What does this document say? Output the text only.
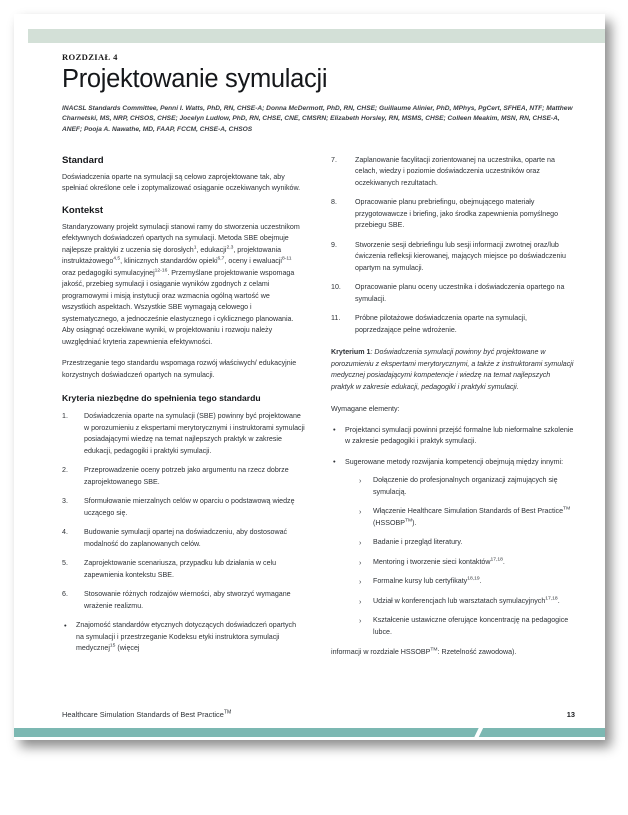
ROZDZIAŁ 4
Projektowanie symulacji
INACSL Standards Committee, Penni I. Watts, PhD, RN, CHSE-A; Donna McDermott, PhD, RN, CHSE; Guillaume Alinier, PhD, MPhys, PgCert, SFHEA, NTF; Matthew Charnetski, MS, NRP, CHSOS, CHSE; Jocelyn Ludlow, PhD, RN, CHSE, CNE, CMSRN; Elizabeth Horsley, RN, MSMS, CHSE; Colleen Meakim, MSN, RN, CHSE-A, ANEF; Pooja A. Nawathe, MD, FAAP, FCCM, CHSE-A, CHSOS
Standard

Doświadczenia oparte na symulacji są celowo zaprojektowane tak, aby spełniać określone cele i zoptymalizować osiąganie oczekiwanych wyników.

Kontekst

Standaryzowany projekt symulacji stanowi ramy do stworzenia uczestnikom efektywnych doświadczeń opartych na symulacji. Metoda SBE obejmuje najlepsze praktyki z uczenia się dorosłych$^1$, edukacji$^{2,3}$, projektowania instruktażowego$^{4,5}$, klinicznych standardów opieki$^{6,7}$, oceny i ewaluacji$^{8-11}$ oraz pedagogiki symulacyjnej$^{12-16}$. Przemyślane projektowanie wspomaga jakość, przebieg symulacji i osiąganie wyników zgodnych z celami programowymi i misją instytucji oraz wzmacnia ogólną wartość we wszystkich aspektach. Wszystkie SBE wymagają celowego i systematycznego, a jednocześnie elastycznego i cyklicznego planowania. Aby osiągnąć oczekiwane wyniki, w projektowaniu i rozwoju należy uwzględniać kryteria zapewnienia efektywności.

Przestrzeganie tego standardu wspomaga rozwój właściwych/ edukacyjnie korzystnych doświadczeń opartych na symulacji.

Kryteria niezbędne do spełnienia tego standardu
1.	Doświadczenia oparte na symulacji (SBE) powinny być projektowane w porozumieniu z ekspertami merytorycznymi i instruktorami symulacji posiadającymi wiedzę na temat najlepszych praktyk w zakresie edukacji, pedagogiki i praktyki symulacji.
2.	Przeprowadzenie oceny potrzeb jako argumentu na rzecz dobrze zaprojektowanego SBE.
3.	Sformułowanie mierzalnych celów w oparciu o podstawową wiedzę uczącego się.
4.	Budowanie symulacji opartej na doświadczeniu, aby dostosować modalność do zaplanowanych celów.
5.	Zaprojektowanie scenariusza, przypadku lub działania w celu zapewnienia kontekstu SBE.
6.	Stosowanie różnych rodzajów wierności, aby stworzyć wymagane wrażenie realizmu.
• Znajomość standardów etycznych dotyczących doświadczeń opartych na symulacji i przestrzeganie Kodeksu etyki instruktora symulacji medycznej$^{15}$ (więcej
7.	Zaplanowanie facylitacji zorientowanej na uczestnika, oparte na celach, wiedzy i poziomie doświadczenia uczestników oraz oczekiwanych rezultatach.
8.	Opracowanie planu prebriefingu, obejmującego materiały przygotowawcze i briefing, jako środka zapewnienia pomyślnego przebiegu SBE.
9.	Stworzenie sesji debriefingu lub sesji informacji zwrotnej oraz/lub ćwiczenia refleksji kierowanej, mających miejsce po doświadczeniu opartym na symulacji.
10.	Opracowanie planu oceny uczestnika i doświadczenia opartego na symulacji.
11.	Próbne pilotażowe doświadczenia oparte na symulacji, poprzedzające pełne wdrożenie.

Kryterium 1: Doświadczenia symulacji powinny być projektowane w porozumieniu z ekspertami merytorycznymi, a także z instruktorami symulacji medycznej posiadającymi kompetencje i wiedzę na temat najlepszych praktyk w zakresie edukacji, pedagogiki i praktyki symulacji.

Wymagane elementy:

• Projektanci symulacji powinni przejść formalne lub nieformalne szkolenie w zakresie pedagogiki i praktyk symulacji.
• Sugerowane metody rozwijania kompetencji obejmują między innymi:
› Dołączenie do profesjonalnych organizacji zajmujących się symulacją.
› Włączenie Healthcare Simulation Standards of Best Practice™ (HSSOBP™).
› Badanie i przegląd literatury.
› Mentoring i tworzenie sieci kontaktów$^{17,18}$.
› Formalne kursy lub certyfikaty$^{18,19}$.
› Udział w konferencjach lub warsztatach symulacyjnych$^{17,18}$.
› Kształcenie ustawiczne oferujące koncentrację na pedagogice lubce.

informacji w rozdziale HSSOBP™: Rzetelność zawodowa).

Healthcare Simulation Standards of Best Practice™	13
